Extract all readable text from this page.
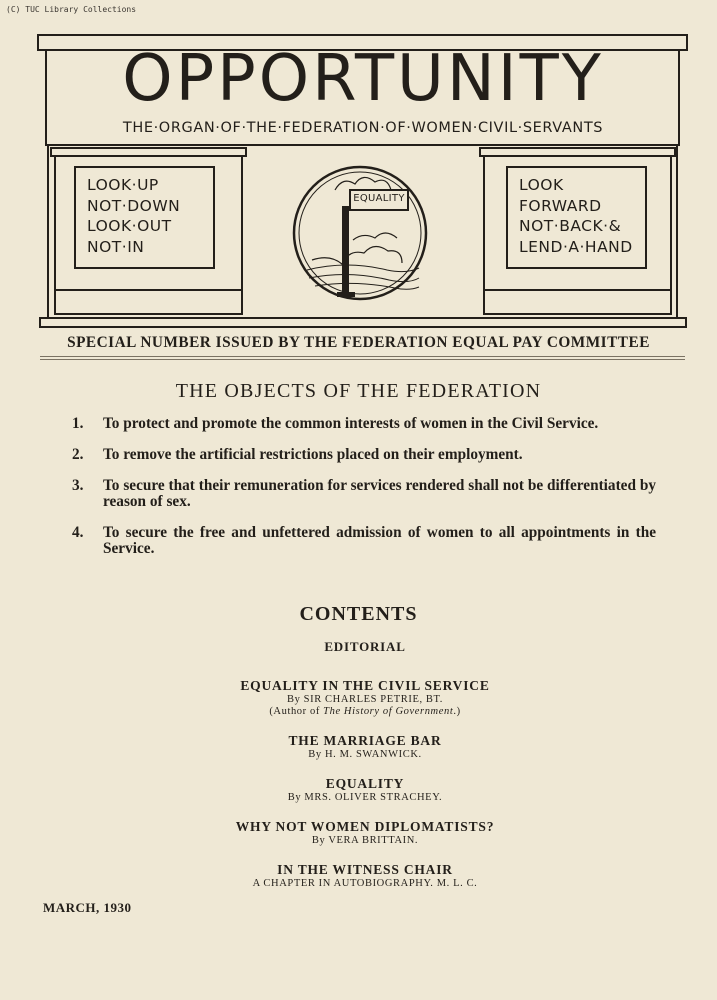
(C) TUC Library Collections
OPPORTUNITY
THE·ORGAN·OF·THE·FEDERATION·OF·WOMEN·CIVIL·SERVANTS
LOOK·UP
NOT·DOWN
LOOK·OUT
NOT·IN
LOOK
FORWARD
NOT·BACK·&
LEND·A·HAND
EQUALITY
SPECIAL NUMBER ISSUED BY THE FEDERATION EQUAL PAY COMMITTEE
THE OBJECTS OF THE FEDERATION
1.	To protect and promote the common interests of women in the Civil Service.
2.	To remove the artificial restrictions placed on their employment.
3.	To secure that their remuneration for services rendered shall not be differentiated by reason of sex.
4.	To secure the free and unfettered admission of women to all appointments in the Service.
CONTENTS
EDITORIAL
EQUALITY IN THE CIVIL SERVICE
By SIR CHARLES PETRIE, BT.
(Author of The History of Government.)
THE MARRIAGE BAR
By H. M. SWANWICK.
EQUALITY
By MRS. OLIVER STRACHEY.
WHY NOT WOMEN DIPLOMATISTS?
By VERA BRITTAIN.
IN THE WITNESS CHAIR
A CHAPTER IN AUTOBIOGRAPHY. M. L. C.
MARCH, 1930
